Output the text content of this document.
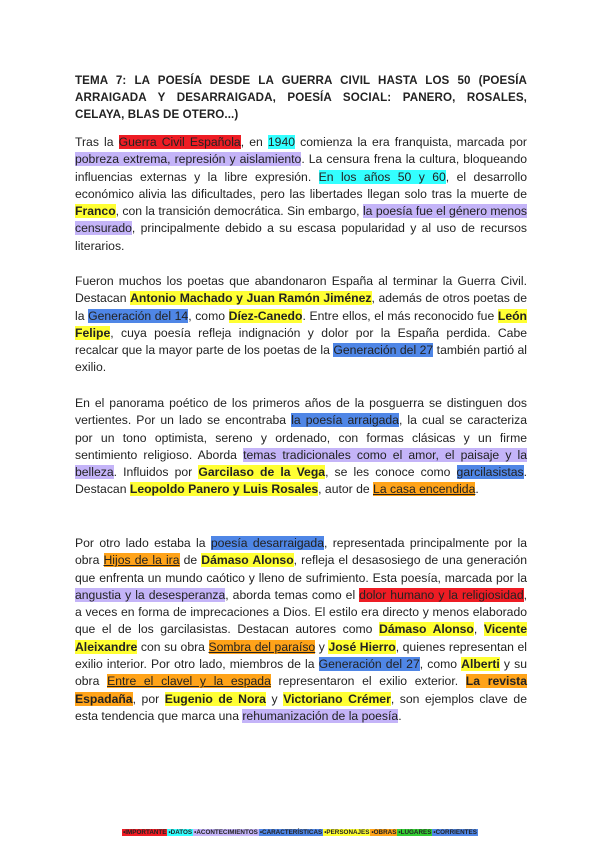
TEMA 7: LA POESÍA DESDE LA GUERRA CIVIL HASTA LOS 50 (POESÍA ARRAIGADA Y DESARRAIGADA, POESÍA SOCIAL: PANERO, ROSALES, CELAYA, BLAS DE OTERO...)
Tras la Guerra Civil Española, en 1940 comienza la era franquista, marcada por pobreza extrema, represión y aislamiento. La censura frena la cultura, bloqueando influencias externas y la libre expresión. En los años 50 y 60, el desarrollo económico alivia las dificultades, pero las libertades llegan solo tras la muerte de Franco, con la transición democrática. Sin embargo, la poesía fue el género menos censurado, principalmente debido a su escasa popularidad y al uso de recursos literarios.
Fueron muchos los poetas que abandonaron España al terminar la Guerra Civil. Destacan Antonio Machado y Juan Ramón Jiménez, además de otros poetas de la Generación del 14, como Díez-Canedo. Entre ellos, el más reconocido fue León Felipe, cuya poesía refleja indignación y dolor por la España perdida. Cabe recalcar que la mayor parte de los poetas de la Generación del 27 también partió al exilio.
En el panorama poético de los primeros años de la posguerra se distinguen dos vertientes. Por un lado se encontraba la poesía arraigada, la cual se caracteriza por un tono optimista, sereno y ordenado, con formas clásicas y un firme sentimiento religioso. Aborda temas tradicionales como el amor, el paisaje y la belleza. Influidos por Garcilaso de la Vega, se les conoce como garcilasistas. Destacan Leopoldo Panero y Luis Rosales, autor de La casa encendida.
Por otro lado estaba la poesía desarraigada, representada principalmente por la obra Hijos de la ira de Dámaso Alonso, refleja el desasosiego de una generación que enfrenta un mundo caótico y lleno de sufrimiento. Esta poesía, marcada por la angustia y la desesperanza, aborda temas como el dolor humano y la religiosidad, a veces en forma de imprecaciones a Dios. El estilo era directo y menos elaborado que el de los garcilasistas. Destacan autores como Dámaso Alonso, Vicente Aleixandre con su obra Sombra del paraíso y José Hierro, quienes representan el exilio interior. Por otro lado, miembros de la Generación del 27, como Alberti y su obra Entre el clavel y la espada representaron el exilio exterior. La revista Espadaña, por Eugenio de Nora y Victoriano Crémer, son ejemplos clave de esta tendencia que marca una rehumanización de la poesía.
•IMPORTANTE •DATOS •ACONTECIMIENTOS •CARACTERÍSTICAS •PERSONAJES •OBRAS •LUGARES •CORRIENTES
